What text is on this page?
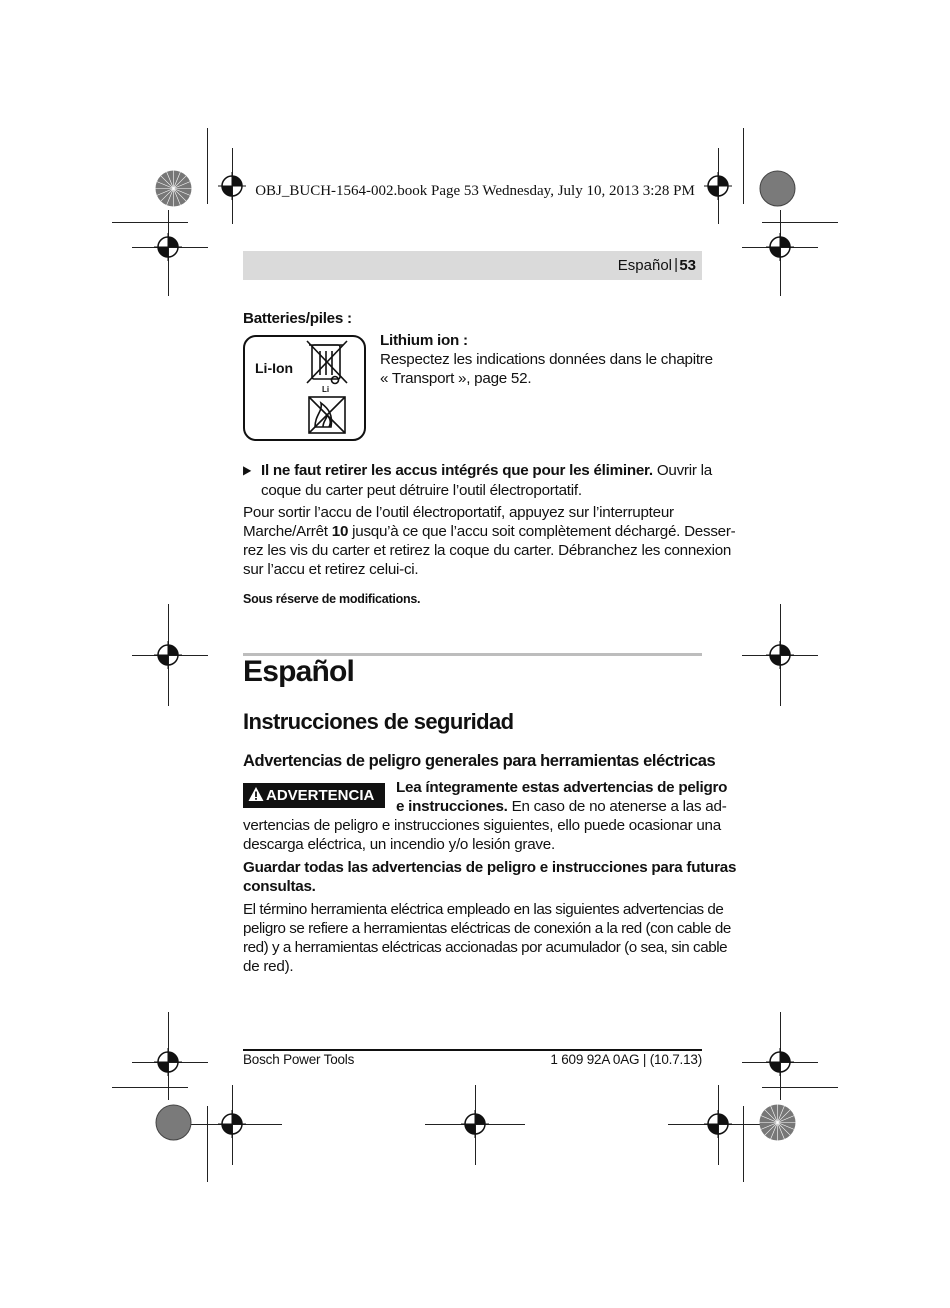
OBJ_BUCH-1564-002.book Page 53 Wednesday, July 10, 2013 3:28 PM
Español | 53
Batteries/piles :
Li-Ion
Li
Lithium ion :
Respectez les indications données dans le chapitre
« Transport », page 52.
▶ Il ne faut retirer les accus intégrés que pour les éliminer. Ouvrir la
coque du carter peut détruire l’outil électroportatif.
Pour sortir l’accu de l’outil électroportatif, appuyez sur l’interrupteur
Marche/Arrêt 10 jusqu’à ce que l’accu soit complètement déchargé. Desser-
rez les vis du carter et retirez la coque du carter. Débranchez les connexion
sur l’accu et retirez celui-ci.
Sous réserve de modifications.
Español
Instrucciones de seguridad
Advertencias de peligro generales para herramientas eléctricas
ADVERTENCIA Lea íntegramente estas advertencias de peligro
e instrucciones. En caso de no atenerse a las ad-
vertencias de peligro e instrucciones siguientes, ello puede ocasionar una
descarga eléctrica, un incendio y/o lesión grave.
Guardar todas las advertencias de peligro e instrucciones para futuras
consultas.
El término herramienta eléctrica empleado en las siguientes advertencias de
peligro se refiere a herramientas eléctricas de conexión a la red (con cable de
red) y a herramientas eléctricas accionadas por acumulador (o sea, sin cable
de red).
Bosch Power Tools	1 609 92A 0AG | (10.7.13)
